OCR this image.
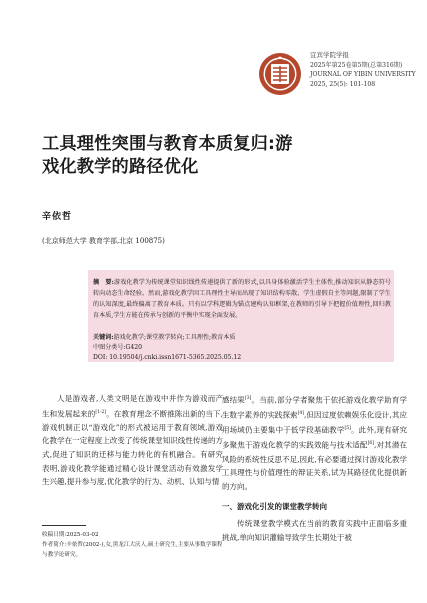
宜宾学院学报
2025年第25卷第5期(总第316期)
JOURNAL OF YIBIN UNIVERSITY
2025, 25(5): 101-108
工具理性突围与教育本质复归:游
戏化教学的路径优化
辛依哲
(北京师范大学 教育学部,北京 100875)
摘　要:游戏化教学为传统课堂知识线性传递提供了新的形式,以具身体验激活学生主体性,推动知识从静态符号转向动态生命经验。然而,游戏化教学因工具理性主导而出现了知识结构零散、学生虚假自主等问题,限制了学生的认知深度,最终偏离了教育本质。只有以学科逻辑为锚点建构认知框架,在教师的引导下把握价值理性,回归教育本质,学生方能在传承与创新的平衡中实现全面发展。
关键词:游戏化教学;课堂教学转向;工具理性;教育本质
中图分类号:G420
DOI: 10.19504/j.cnki.issn1671-5365.2025.05.12

人是游戏者,人类文明是在游戏中并作为游戏而产生和发展起来的[1-2]。在教育理念不断推陈出新的当下,游戏机制正以“游戏化”的形式被运用于教育领域,游戏化教学在一定程度上改变了传统课堂知识线性传递的方式,促进了知识的迁移与能力转化的有机融合。有研究表明,游戏化教学能通过精心设计课堂活动有效激发学生兴趣,提升参与度,优化教学的行为、动机、认知与情

感结果[3]。当前,部分学者聚焦于依托游戏化教学助育学生数字素养的实践探索[4],但因过度依赖娱乐化设计,其应用场域仍主要集中于低学段基础教学[5]。此外,现有研究多聚焦于游戏化教学的实践效能与技术适配[6],对其潜在风险的系统性反思不足,因此,有必要通过探讨游戏化教学工具理性与价值理性的辩证关系,试为其路径优化提供新的方向。

一、游戏化引发的课堂教学转向

传统课堂教学模式在当前的教育实践中正面临多重挑战,单向知识灌输导致学生长期处于被

收稿日期:2025-03-02
作者简介:辛依哲(2002-),女,黑龙江大庆人,硕士研究生,主要从事数学课程与教学论研究。
